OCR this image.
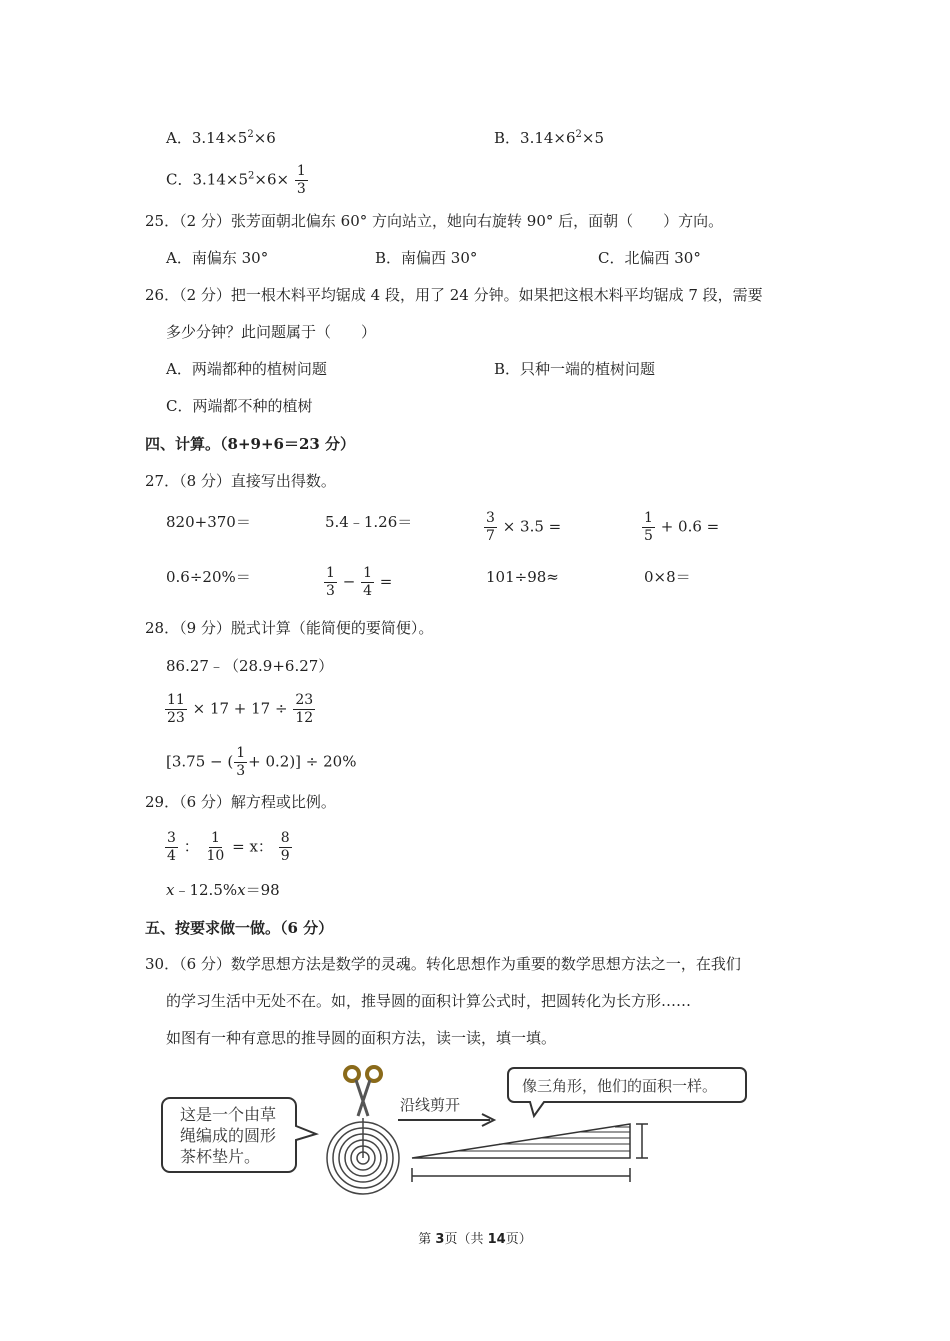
A．$3.14\times 5^2\times 6$	B．$3.14\times 6^2\times 5$
C．$3.14\times 5^2\times 6\times \frac{1}{3}$
25．（2 分）张芳面朝北偏东 60° 方向站立，她向右旋转 90° 后，面朝（　　）方向。
A．南偏东 30°	B．南偏西 30°	C．北偏西 30°
26．（2 分）把一根木料平均锯成 4 段，用了 24 分钟。如果把这根木料平均锯成 7 段，需要
多少分钟？此问题属于（　　）
A．两端都种的植树问题	B．只种一端的植树问题
C．两端都不种的植树
四、计算。（8+9+6＝23 分）
27．（8 分）直接写出得数。
820+370＝	5.4﹣1.26＝	$\frac{3}{7} \times 3.5$ =	$\frac{1}{5} + 0.6$ =
0.6÷20%＝	$\frac{1}{3} - \frac{1}{4}$ =	101÷98≈	0×8＝
28．（9 分）脱式计算（能简便的要简便）。
86.27﹣（28.9+6.27）
$\frac{11}{23} \times 17 + 17 \div \frac{23}{12}$
[3.75 − ( $\frac{1}{3} + 0.2)] \div 20\%$
29．（6 分）解方程或比例。
$\frac{3}{4}$ ： $\frac{1}{10} = x$： $\frac{8}{9}$
x﹣12.5%x＝98
五、按要求做一做。（6 分）
30．（6 分）数学思想方法是数学的灵魂。转化思想作为重要的数学思想方法之一，在我们
的学习生活中无处不在。如，推导圆的面积计算公式时，把圆转化为长方形……
如图有一种有意思的推导圆的面积方法，读一读，填一填。
这是一个由草
绳编成的圆形
茶杯垫片。
沿线剪开
像三角形，他们的面积一样。
第 3页（共 14页）
